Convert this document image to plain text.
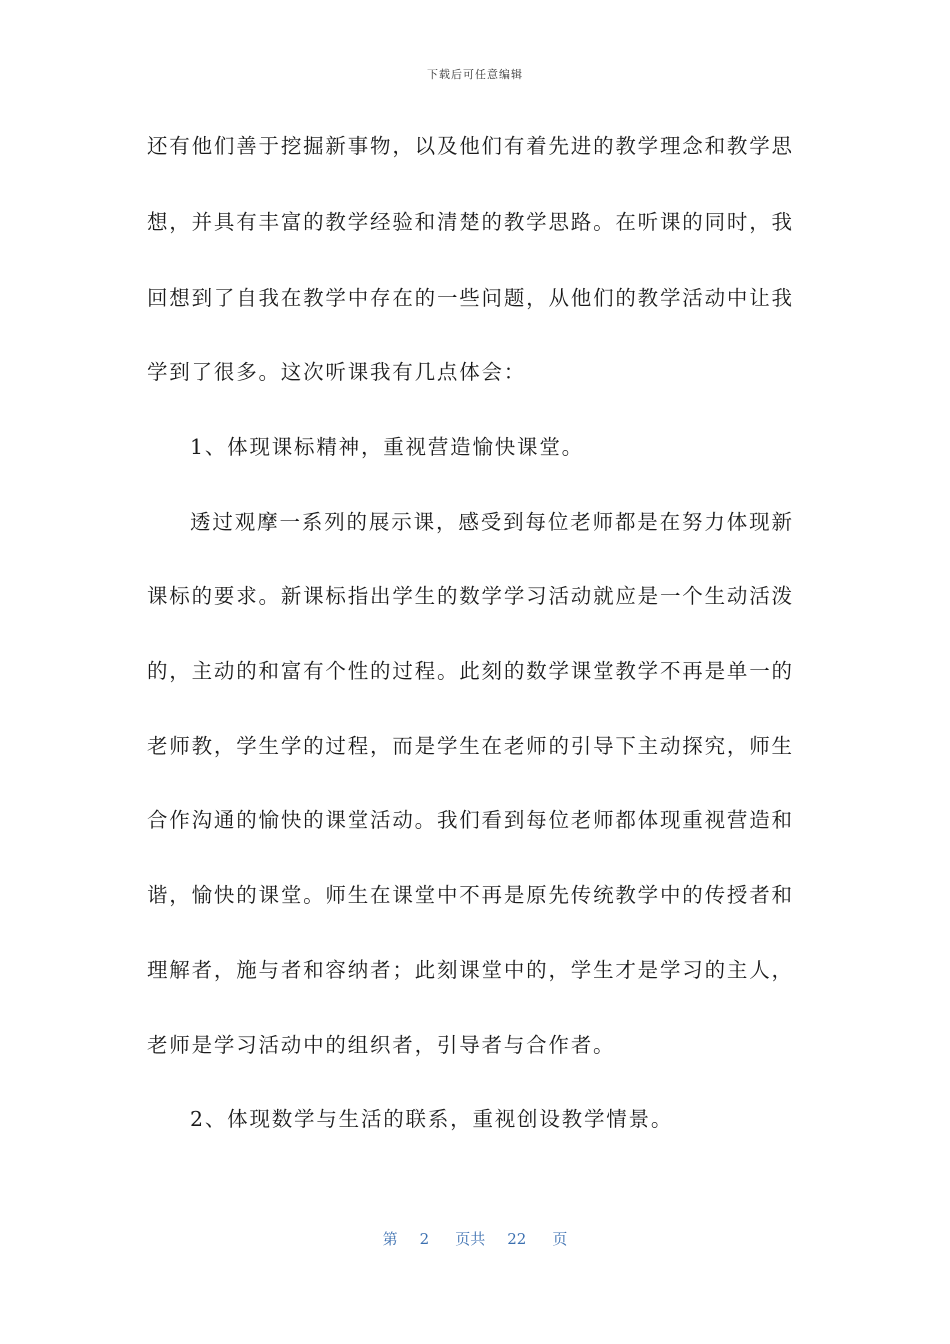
下载后可任意编辑
还有他们善于挖掘新事物，以及他们有着先进的教学理念和教学思
想，并具有丰富的教学经验和清楚的教学思路。在听课的同时，我
回想到了自我在教学中存在的一些问题，从他们的教学活动中让我
学到了很多。这次听课我有几点体会：
1、体现课标精神，重视营造愉快课堂。
透过观摩一系列的展示课，感受到每位老师都是在努力体现新
课标的要求。新课标指出学生的数学学习活动就应是一个生动活泼
的，主动的和富有个性的过程。此刻的数学课堂教学不再是单一的
老师教，学生学的过程，而是学生在老师的引导下主动探究，师生
合作沟通的愉快的课堂活动。我们看到每位老师都体现重视营造和
谐，愉快的课堂。师生在课堂中不再是原先传统教学中的传授者和
理解者，施与者和容纳者；此刻课堂中的，学生才是学习的主人，
老师是学习活动中的组织者，引导者与合作者。
2、体现数学与生活的联系，重视创设教学情景。
第 2 页共 22 页
